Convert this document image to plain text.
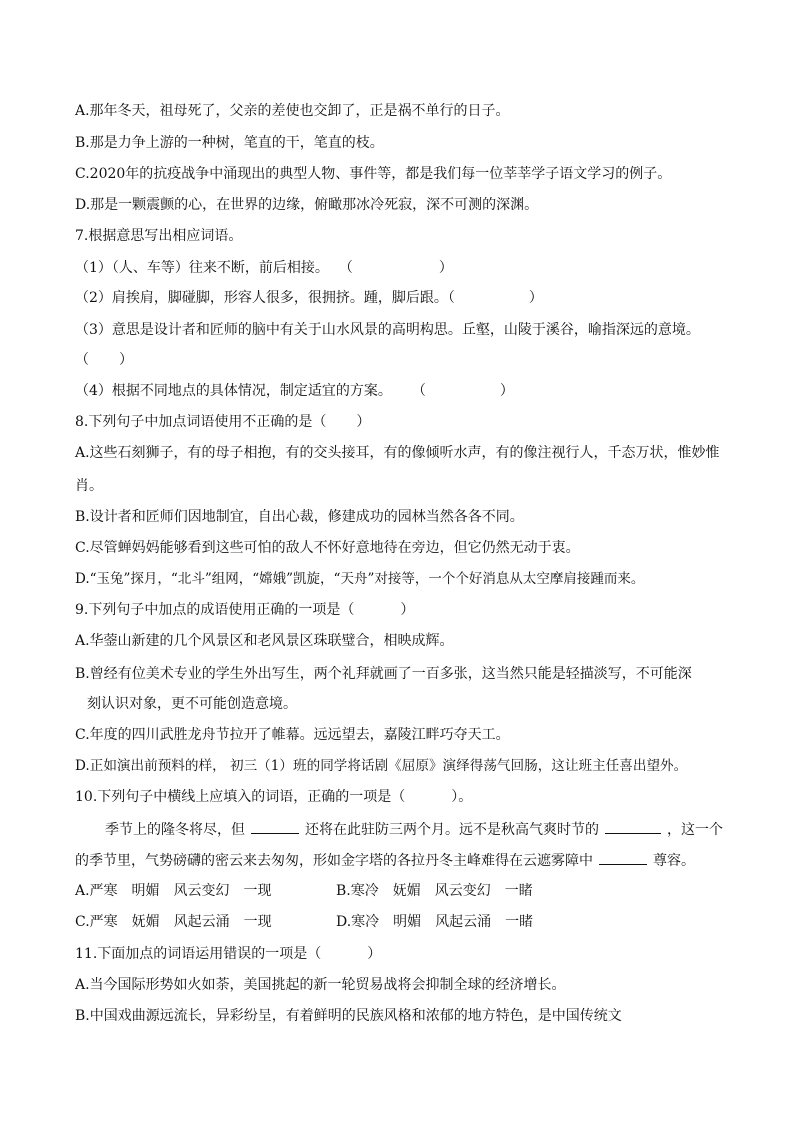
A.那年冬天，祖母死了，父亲的差使也交卸了，正是祸不单行的日子。
B.那是力争上游的一种树，笔直的干，笔直的枝。
C.2020年的抗疫战争中涌现出的典型人物、事件等，都是我们每一位莘莘学子语文学习的例子。
D.那是一颗震颤的心，在世界的边缘，俯瞰那冰冷死寂，深不可测的深渊。
7.根据意思写出相应词语。
（1）（人、车等）往来不断，前后相接。 （	）
（2）肩挨肩，脚碰脚，形容人很多，很拥挤。踵，脚后跟。（	）
（3）意思是设计者和匠师的脑中有关于山水风景的高明构思。丘壑，山陵于溪谷，喻指深远的意境。
（ ）
（4）根据不同地点的具体情况，制定适宜的方案。 （	）
8.下列句子中加点词语使用不正确的是（ ）
A.这些石刻狮子，有的母子相抱，有的交头接耳，有的像倾听水声，有的像注视行人，千态万状，惟妙惟
肖。
B.设计者和匠师们因地制宜，自出心裁，修建成功的园林当然各各不同。
C.尽管蝉妈妈能够看到这些可怕的敌人不怀好意地待在旁边，但它仍然无动于衷。
D.“玉兔”探月，“北斗”组网，“嫦娥”凯旋，“天舟”对接等，一个个好消息从太空摩肩接踵而来。
9.下列句子中加点的成语使用正确的一项是（	）
A.华蓥山新建的几个风景区和老风景区珠联璧合，相映成辉。
B.曾经有位美术专业的学生外出写生，两个礼拜就画了一百多张，这当然只能是轻描淡写，不可能深
刻认识对象，更不可能创造意境。
C.年度的四川武胜龙舟节拉开了帷幕。远远望去，嘉陵江畔巧夺天工。
D.正如演出前预料的样， 初三（1）班的同学将话剧《屈原》演绎得荡气回肠，这让班主任喜出望外。
10.下列句子中横线上应填入的词语，正确的一项是（	）。
季节上的隆冬将尽，但	还将在此驻防三两个月。远不是秋高气爽时节的	，这一个
的季节里，气势磅礴的密云来去匆匆，形如金字塔的各拉丹冬主峰难得在云遮雾障中	尊容。
A.严寒　明媚　风云变幻　一现	B.寒冷　妩媚　风云变幻　一睹
C.严寒　妩媚　风起云涌　一现	D.寒冷　明媚　风起云涌　一睹
11.下面加点的词语运用错误的一项是（	）
A.当今国际形势如火如荼，美国挑起的新一轮贸易战将会抑制全球的经济增长。
B.中国戏曲源远流长，异彩纷呈，有着鲜明的民族风格和浓郁的地方特色，是中国传统文
